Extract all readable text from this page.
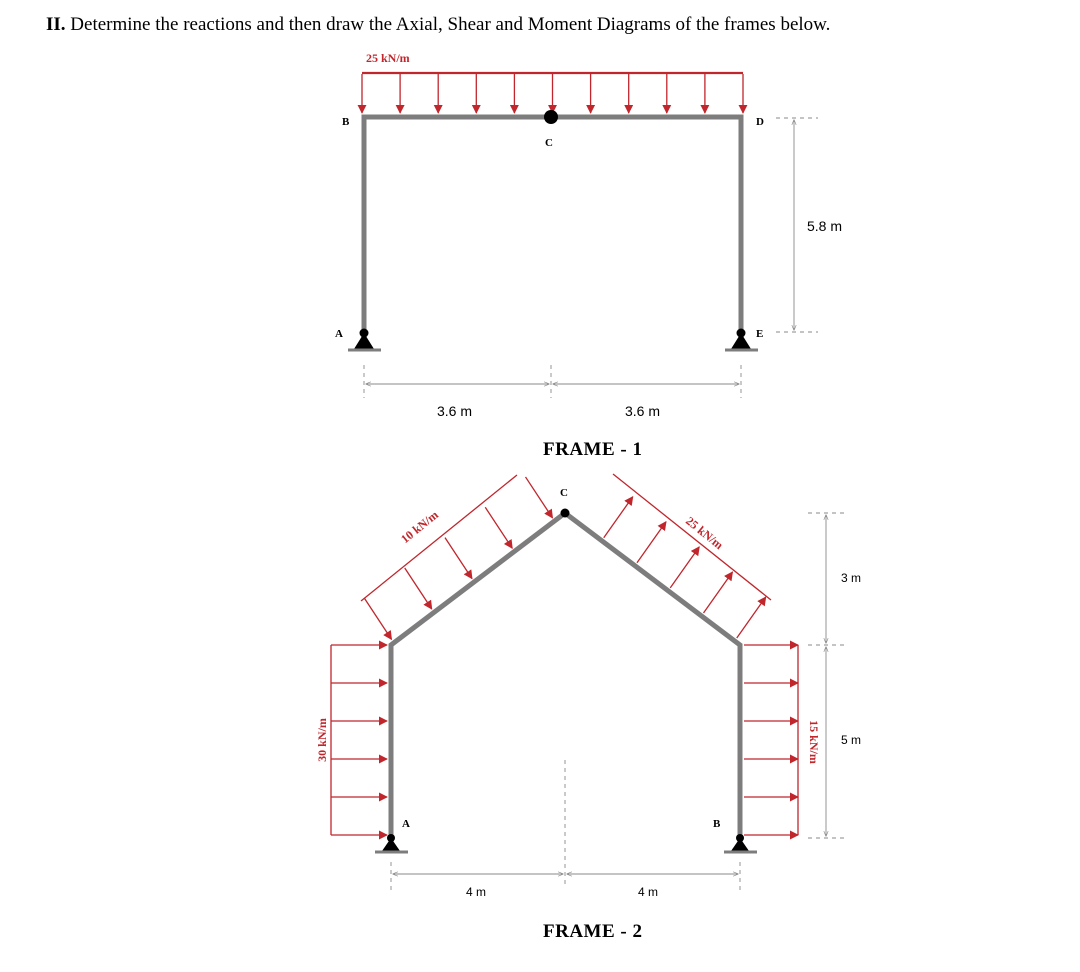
II. Determine the reactions and then draw the Axial, Shear and Moment Diagrams of the frames below.
25 kN/m
B
C
D
A	E
5.8 m
3.6 m	3.6 m
FRAME - 1
30 kN/m
10 kN/m	25 kN/m
15 kN/m
C
A	B
3 m
5 m
4 m	4 m
FRAME - 2
